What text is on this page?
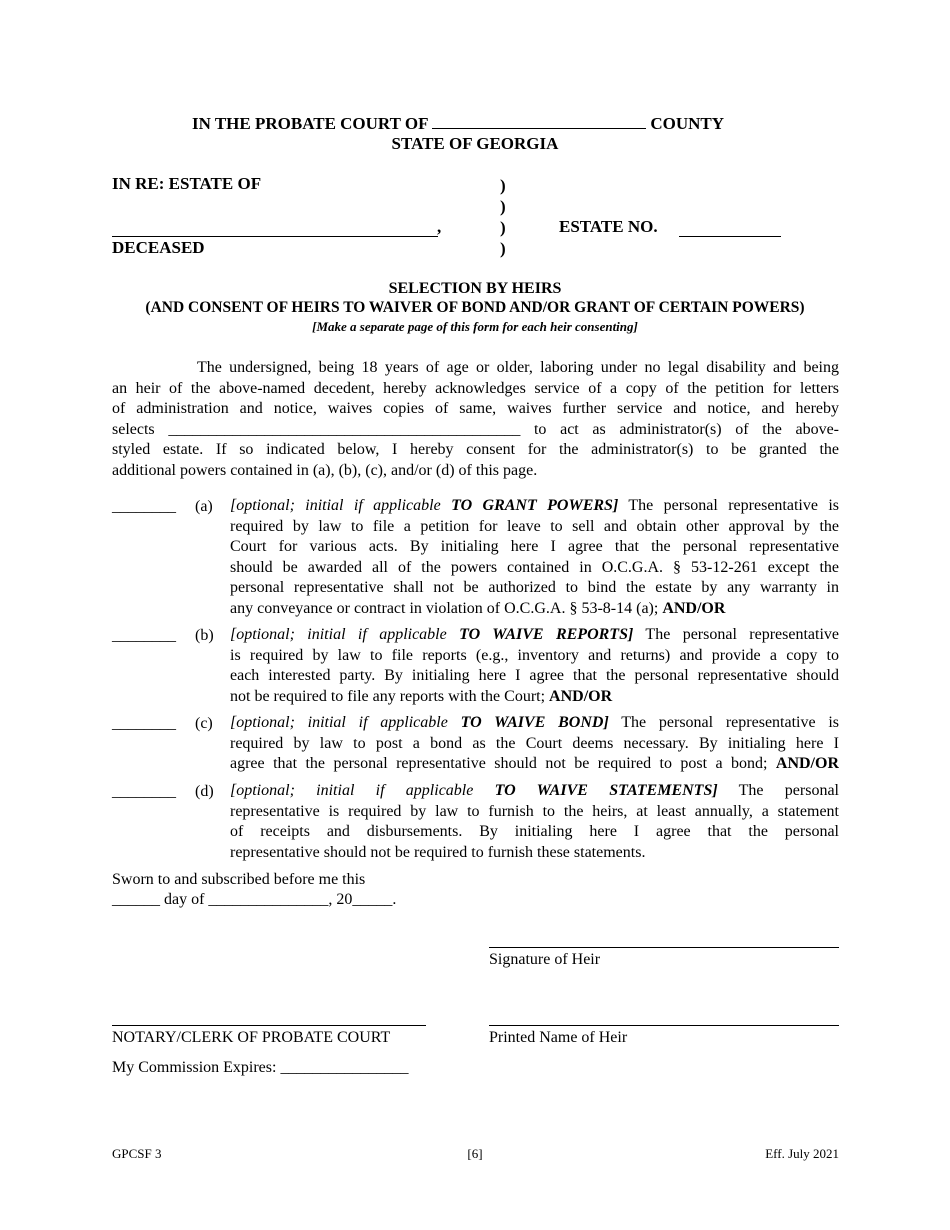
IN THE PROBATE COURT OF	COUNTY
STATE OF GEORGIA
IN RE: ESTATE OF
,
DECEASED
)
)
)
)
ESTATE NO.
SELECTION BY HEIRS
(AND CONSENT OF HEIRS TO WAIVER OF BOND AND/OR GRANT OF CERTAIN POWERS)
[Make a separate page of this form for each heir consenting]
The undersigned, being 18 years of age or older, laboring under no legal disability and being
an heir of the above-named decedent, hereby acknowledges service of a copy of the petition for letters
of administration and notice, waives copies of same, waives further service and notice, and hereby
selects ____________________________________________ to act as administrator(s) of the above-
styled estate. If so indicated below, I hereby consent for the administrator(s) to be granted the
additional powers contained in (a), (b), (c), and/or (d) of this page.
________ (a) [optional; initial if applicable TO GRANT POWERS] The personal representative is
required by law to file a petition for leave to sell and obtain other approval by the
Court for various acts. By initialing here I agree that the personal representative
should be awarded all of the powers contained in O.C.G.A. § 53-12-261 except the
personal representative shall not be authorized to bind the estate by any warranty in
any conveyance or contract in violation of O.C.G.A. § 53-8-14 (a); AND/OR
________ (b) [optional; initial if applicable TO WAIVE REPORTS] The personal representative
is required by law to file reports (e.g., inventory and returns) and provide a copy to
each interested party. By initialing here I agree that the personal representative should
not be required to file any reports with the Court; AND/OR
________ (c) [optional; initial if applicable TO WAIVE BOND] The personal representative is
required by law to post a bond as the Court deems necessary. By initialing here I
agree that the personal representative should not be required to post a bond; AND/OR
________ (d) [optional; initial if applicable TO WAIVE STATEMENTS] The personal
representative is required by law to furnish to the heirs, at least annually, a statement
of receipts and disbursements. By initialing here I agree that the personal
representative should not be required to furnish these statements.
Sworn to and subscribed before me this
______ day of _______________, 20_____.
Signature of Heir
NOTARY/CLERK OF PROBATE COURT	Printed Name of Heir
My Commission Expires: ________________
GPCSF 3	[6]	Eff. July 2021
